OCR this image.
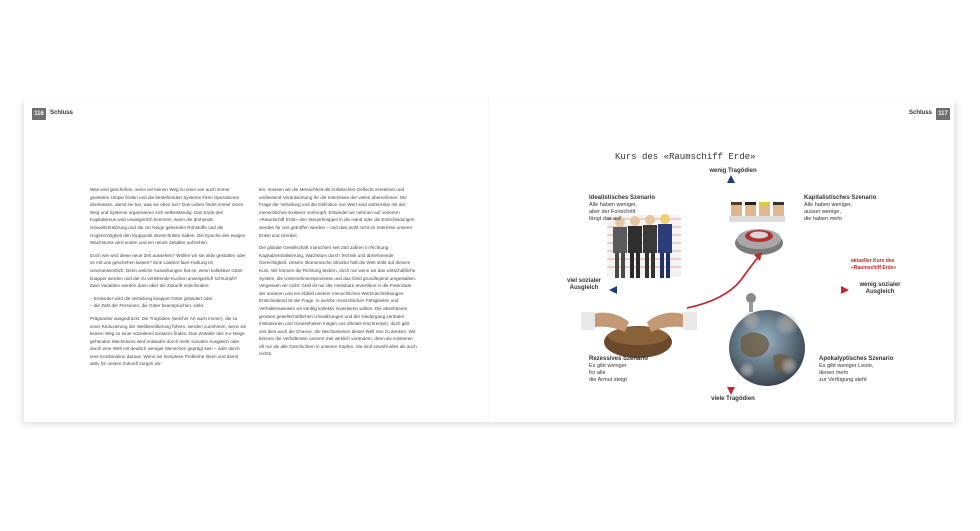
116	Schluss

Was wird geschehen, wenn wir keinen Weg zu einer wie auch immer gearteten Utopie finden und die bestehenden Systeme ihren Operationen überlassen, damit sie tun, was sie eben tun? Das Leben findet immer einen Weg und Systeme organisieren sich selbstständig. Das Ende des Kapitalismus wird unweigerlich kommen, wenn die drohende Umweltzerstörung und die zur Neige gehenden Rohstoffe und die Ungerechtigkeit den Kipppunkt überschritten haben. Die Epoche des ewigen Wachstums wird enden und ein neues Zeitalter aufziehen.

Doch wie wird diese neue Zeit aussehen? Wollen wir sie aktiv gestalten oder es mit uns geschehen lassen? Eine Laissez-faire-Haltung ist unverantwortlich. Denn welche Auswirkungen hat es, wenn kollektive Güter knapper werden und der zu verteilende Kuchen unweigerlich schrumpft? Zwei Variablen werden dann über die Zukunft entscheiden:

– Entweder wird die Verteilung knapper Güter geändert oder
– die Zahl der Personen, die Güter beanspruchen, sinkt.

Prägnanter ausgedrückt: Die Tragödien (welcher Art auch immer), die zu einer Reduzierung der Weltbevölkerung führen, werden zunehmen, wenn wir keinen Weg zu einer sozialeren Existenz finden. Das Zeitalter des zur Neige gehenden Wachstums wird entweder durch mehr sozialen Ausgleich oder durch eine Welt mit deutlich weniger Menschen geprägt sein – oder durch eine Kombination daraus. Wenn wir komplexe Probleme lösen und damit aktiv für unsere Zukunft sorgen wir-

len, müssen wir die Menschheit als holistisches Geflecht verstehen und umfassend Verantwortung für die Interessen der vielen übernehmen. Die Frage der Verteilung und die Definition von Wert sind untrennbar mit der menschlichen Existenz verknüpft. Entweder wir nehmen auf unserem «Raumschiff Erde» den Steuerknüppel in die Hand oder die Entscheidungen werden für uns getroffen werden – und dies wohl nicht im Interesse unserer Enkel und Urenkel.

Die globale Gesellschaft marschiert seit 250 Jahren in Richtung Kapitalzentralisierung, Wachstum durch Technik und abnehmende Gerechtigkeit. Unsere ökonomische Struktur hält die Welt strikt auf diesem Kurs. Wir können die Richtung ändern, doch nur wenn wir das wirtschaftliche System, die Unternehmensprozesse und das Geld grundlegend umgestalten. Vergessen wir nicht: Geld ist nur der messbare Investition in die Potenziale der anderen und ein Abbild unserer menschlichen Wertzuschreibungen. Entscheidend ist die Frage, in welche menschlichen Fähigkeiten und Verhaltensweisen wir künftig kollektiv investieren wollen. Die absehbaren grossen gesellschaftlichen Umwälzungen und der Niedergang zentraler Institutionen und Gewissheiten mögen uns oftmals erschrecken, doch gibt uns dies auch die Chance, die Mechanismen dieser Welt neu zu denken. Wir können die Verhältnisse unserer Zeit wirklich verändern, denn sie existieren oft nur als alte Geschichten in unseren Köpfen. Sie sind sowohl alles als auch nichts.

Schluss	117
Kurs des «Raumschiff Erde»
wenig Tragödien
viele Tragödien
viel sozialer
Ausgleich	wenig sozialer
Ausgleich
Idealistisches Szenario
Alle haben weniger,
aber der Fortschritt
fängt das auf
Kapitalistisches Szenario
Alle haben weniger,
ausser wenige,
die haben mehr
Rezessives Szenario
Es gibt weniger
für alle
die Armut steigt
Apokalyptisches Szenario
Es gibt weniger Leute,
denen mehr
zur Verfügung steht
aktueller Kurs des
«Raumschiff Erde»
